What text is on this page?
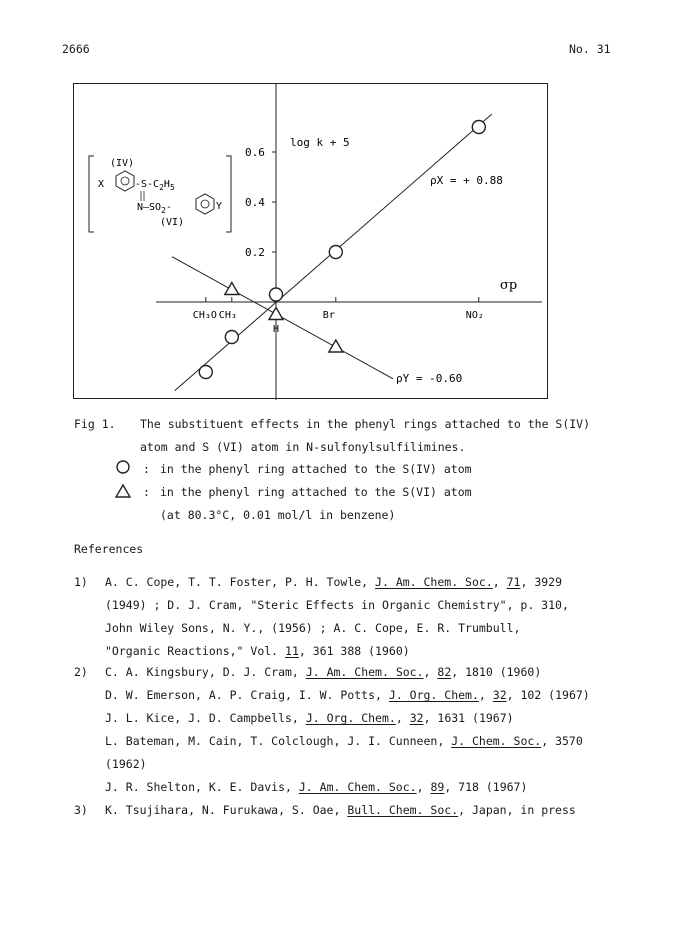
2666	No. 31
0.2
0.4
0.6
CH₃O CH₃
H
Br	NO₂
log k + 5
σp
ρX = + 0.88
ρY = -0.60
(IV)
X	$-S-C_2H_5$
$N—SO_2-$	Y
(VI)
Fig 1. The substituent effects in the phenyl rings attached to the S(IV)
atom and S (VI) atom in N-sulfonylsulfilimines.
: in the phenyl ring attached to the S(IV) atom
: in the phenyl ring attached to the S(VI) atom
(at 80.3°C, 0.01 mol/l in benzene)
References
1) A. C. Cope, T. T. Foster, P. H. Towle, J. Am. Chem. Soc., 71, 3929
(1949) ; D. J. Cram, "Steric Effects in Organic Chemistry", p. 310,
John Wiley Sons, N. Y., (1956) ; A. C. Cope, E. R. Trumbull,
"Organic Reactions," Vol. 11, 361 388 (1960)
2) C. A. Kingsbury, D. J. Cram, J. Am. Chem. Soc., 82, 1810 (1960)
D. W. Emerson, A. P. Craig, I. W. Potts, J. Org. Chem., 32, 102 (1967)
J. L. Kice, J. D. Campbells, J. Org. Chem., 32, 1631 (1967)
L. Bateman, M. Cain, T. Colclough, J. I. Cunneen, J. Chem. Soc., 3570
(1962)
J. R. Shelton, K. E. Davis, J. Am. Chem. Soc., 89, 718 (1967)
3) K. Tsujihara, N. Furukawa, S. Oae, Bull. Chem. Soc., Japan, in press
